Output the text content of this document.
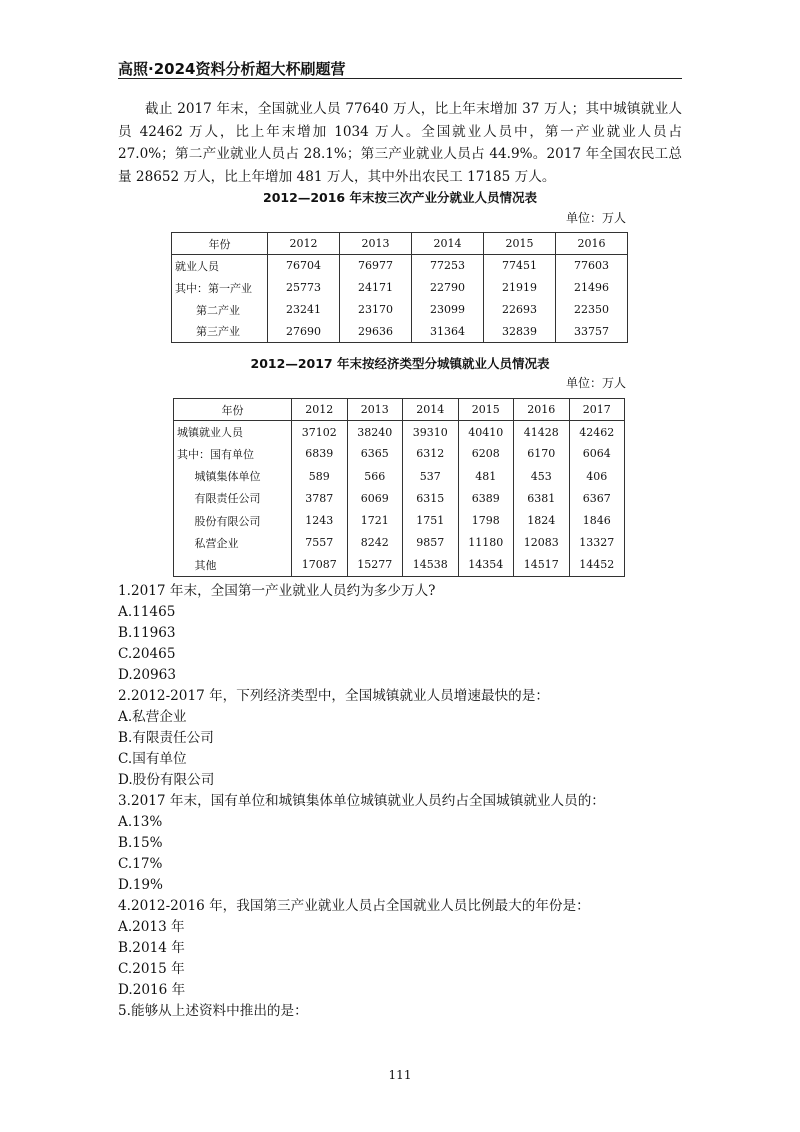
高照·2024资料分析超大杯刷题营
截止 2017 年末，全国就业人员 77640 万人，比上年末增加 37 万人；其中城镇就业人员 42462 万人，比上年末增加 1034 万人。全国就业人员中，第一产业就业人员占 27.0%；第二产业就业人员占 28.1%；第三产业就业人员占 44.9%。2017 年全国农民工总量 28652 万人，比上年增加 481 万人，其中外出农民工 17185 万人。
2012—2016 年末按三次产业分就业人员情况表
单位：万人
年份	2012	2013	2014	2015	2016
就业人员	76704	76977	77253	77451	77603
其中：第一产业	25773	24171	22790	21919	21496
第二产业	23241	23170	23099	22693	22350
第三产业	27690	29636	31364	32839	33757
2012—2017 年末按经济类型分城镇就业人员情况表
单位：万人
年份	2012	2013	2014	2015	2016	2017
城镇就业人员	37102	38240	39310	40410	41428	42462
其中：国有单位	6839	6365	6312	6208	6170	6064
城镇集体单位	589	566	537	481	453	406
有限责任公司	3787	6069	6315	6389	6381	6367
股份有限公司	1243	1721	1751	1798	1824	1846
私营企业	7557	8242	9857	11180	12083	13327
其他	17087	15277	14538	14354	14517	14452
1.2017 年末，全国第一产业就业人员约为多少万人?
A.11465
B.11963
C.20465
D.20963
2.2012-2017 年，下列经济类型中，全国城镇就业人员增速最快的是：
A.私营企业
B.有限责任公司
C.国有单位
D.股份有限公司
3.2017 年末，国有单位和城镇集体单位城镇就业人员约占全国城镇就业人员的：
A.13%
B.15%
C.17%
D.19%
4.2012-2016 年，我国第三产业就业人员占全国就业人员比例最大的年份是：
A.2013 年
B.2014 年
C.2015 年
D.2016 年
5.能够从上述资料中推出的是：
111
